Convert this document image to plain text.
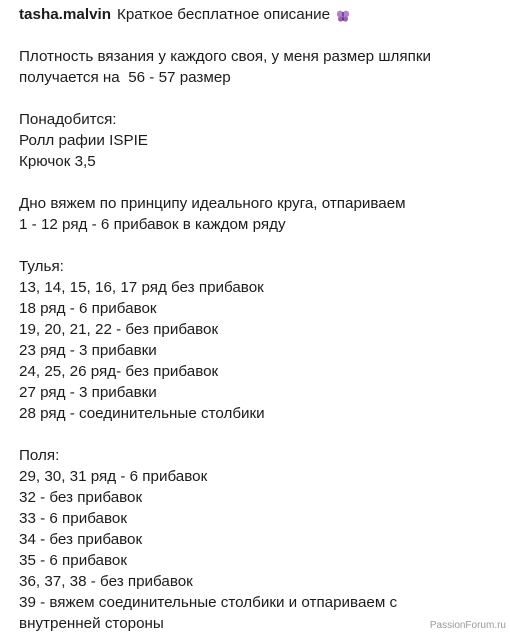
tasha.malvin Краткое бесплатное описание
Плотность вязания у каждого своя, у меня размер шляпки
получается на  56 - 57 размер
Понадобится:
Ролл рафии ISPIE
Крючок 3,5
Дно вяжем по принципу идеального круга, отпариваем
1 - 12 ряд - 6 прибавок в каждом ряду
Тулья:
13, 14, 15, 16, 17 ряд без прибавок
18 ряд - 6 прибавок
19, 20, 21, 22 - без прибавок
23 ряд - 3 прибавки
24, 25, 26 ряд- без прибавок
27 ряд - 3 прибавки
28 ряд - соединительные столбики
Поля:
29, 30, 31 ряд - 6 прибавок
32 - без прибавок
33 - 6 прибавок
34 - без прибавок
35 - 6 прибавок
36, 37, 38 - без прибавок
39 - вяжем соединительные столбики и отпариваем с
внутренней стороны	PassionForum.ru
